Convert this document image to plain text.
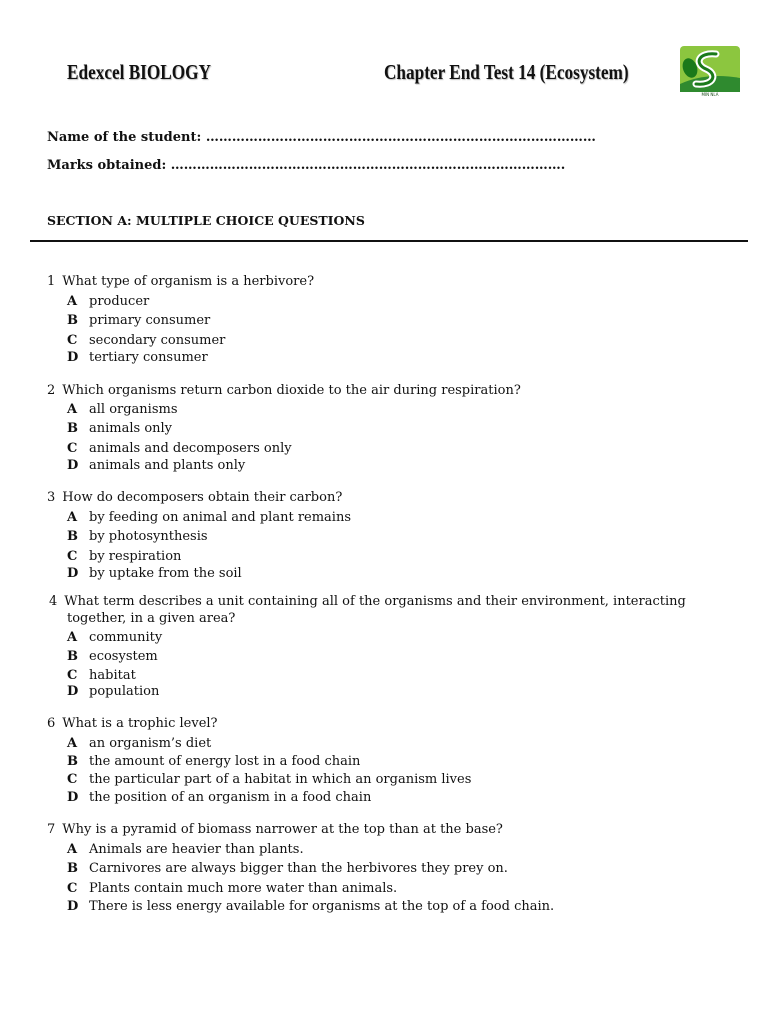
Edexcel BIOLOGY	Chapter End Test 14 (Ecosystem)
MIN NLA
Name of the student: ………………………………………………………………………………
Marks obtained: ……………………………………………………………………………….
SECTION A: MULTIPLE CHOICE QUESTIONS
1 What type of organism is a herbivore?
A producer
B primary consumer
C secondary consumer
D tertiary consumer
2 Which organisms return carbon dioxide to the air during respiration?
A all organisms
B animals only
C animals and decomposers only
D animals and plants only
3 How do decomposers obtain their carbon?
A by feeding on animal and plant remains
B by photosynthesis
C by respiration
D by uptake from the soil
4 What term describes a unit containing all of the organisms and their environment, interacting
together, in a given area?
A community
B ecosystem
C habitat
D population
6 What is a trophic level?
A an organism’s diet
B the amount of energy lost in a food chain
C the particular part of a habitat in which an organism lives
D the position of an organism in a food chain
7 Why is a pyramid of biomass narrower at the top than at the base?
A Animals are heavier than plants.
B Carnivores are always bigger than the herbivores they prey on.
C Plants contain much more water than animals.
D There is less energy available for organisms at the top of a food chain.
